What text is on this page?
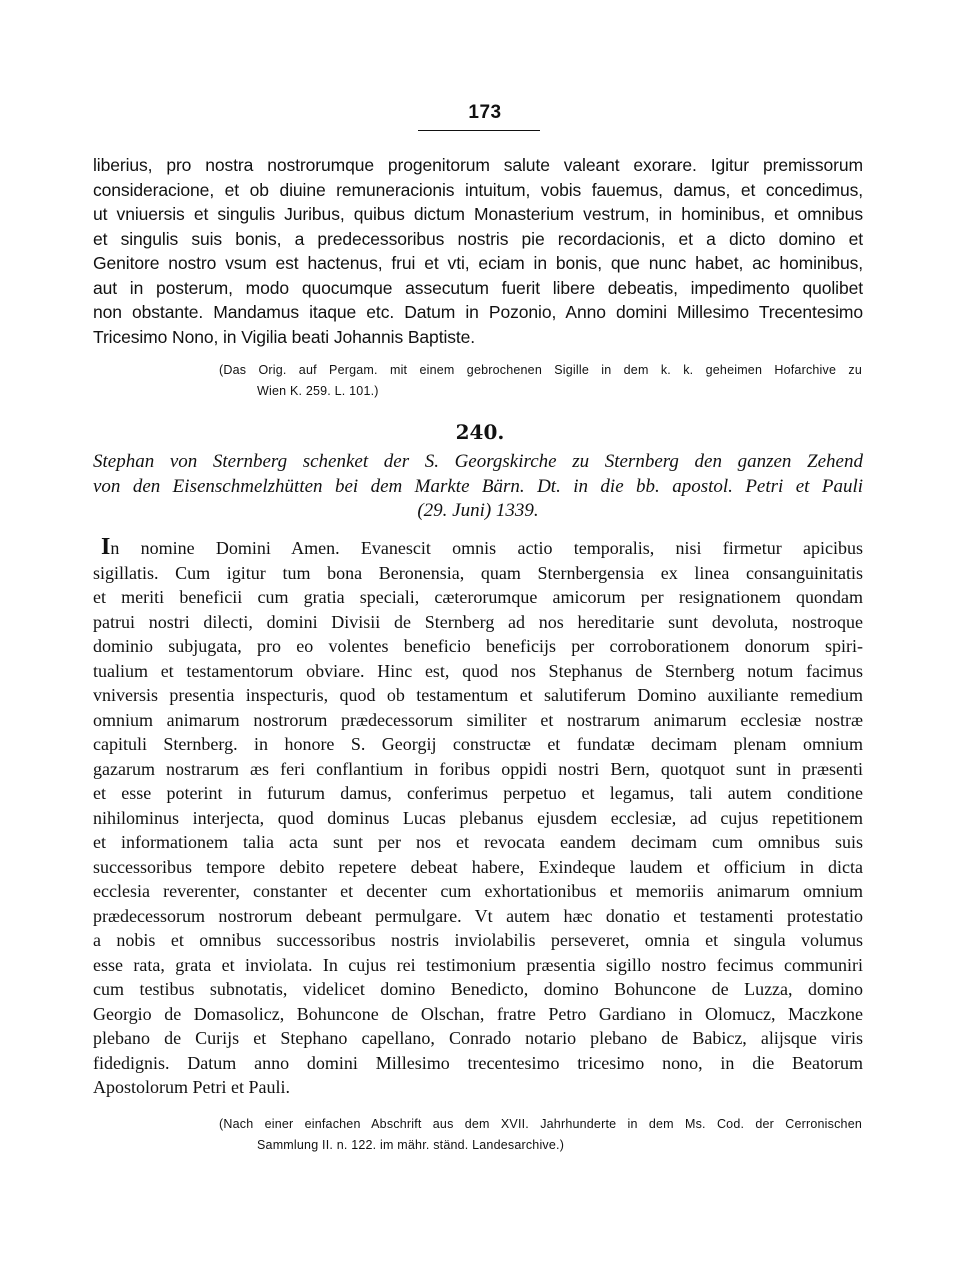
173
liberius, pro nostra nostrorumque progenitorum salute valeant exorare. Igitur premissorum
consideracione, et ob diuine remuneracionis intuitum, vobis fauemus, damus, et concedimus,
ut vniuersis et singulis Juribus, quibus dictum Monasterium vestrum, in hominibus, et omnibus
et singulis suis bonis, a predecessoribus nostris pie recordacionis, et a dicto domino et
Genitore nostro vsum est hactenus, frui et vti, eciam in bonis, que nunc habet, ac hominibus,
aut in posterum, modo quocumque assecutum fuerit libere debeatis, impedimento quolibet
non obstante. Mandamus itaque etc. Datum in Pozonio, Anno domini Millesimo Trecentesimo
Tricesimo Nono, in Vigilia beati Johannis Baptiste.
(Das Orig. auf Pergam. mit einem gebrochenen Sigille in dem k. k. geheimen Hofarchive zu
Wien K. 259. L. 101.)
240.
Stephan von Sternberg schenket der S. Georgskirche zu Sternberg den ganzen Zehend
von den Eisenschmelzhütten bei dem Markte Bärn. Dt. in die bb. apostol. Petri et Pauli
(29. Juni) 1339.
In nomine Domini Amen. Evanescit omnis actio temporalis, nisi firmetur apicibus
sigillatis. Cum igitur tum bona Beronensia, quam Sternbergensia ex linea consanguinitatis
et meriti beneficii cum gratia speciali, cæterorumque amicorum per resignationem quondam
patrui nostri dilecti, domini Divisii de Sternberg ad nos hereditarie sunt devoluta, nostroque
dominio subjugata, pro eo volentes beneficio beneficijs per corroborationem donorum spiri-
tualium et testamentorum obviare. Hinc est, quod nos Stephanus de Sternberg notum facimus
vniversis presentia inspecturis, quod ob testamentum et salutiferum Domino auxiliante remedium
omnium animarum nostrorum prædecessorum similiter et nostrarum animarum ecclesiæ nostræ
capituli Sternberg. in honore S. Georgij constructæ et fundatæ decimam plenam omnium
gazarum nostrarum æs feri conflantium in foribus oppidi nostri Bern, quotquot sunt in præsenti
et esse poterint in futurum damus, conferimus perpetuo et legamus, tali autem conditione
nihilominus interjecta, quod dominus Lucas plebanus ejusdem ecclesiæ, ad cujus repetitionem
et informationem talia acta sunt per nos et revocata eandem decimam cum omnibus suis
successoribus tempore debito repetere debeat habere, Exindeque laudem et officium in dicta
ecclesia reverenter, constanter et decenter cum exhortationibus et memoriis animarum omnium
prædecessorum nostrorum debeant permulgare. Vt autem hæc donatio et testamenti protestatio
a nobis et omnibus successoribus nostris inviolabilis perseveret, omnia et singula volumus
esse rata, grata et inviolata. In cujus rei testimonium præsentia sigillo nostro fecimus communiri
cum testibus subnotatis, videlicet domino Benedicto, domino Bohuncone de Luzza, domino
Georgio de Domasolicz, Bohuncone de Olschan, fratre Petro Gardiano in Olomucz, Maczkone
plebano de Curijs et Stephano capellano, Conrado notario plebano de Babicz, alijsque viris
fidedignis. Datum anno domini Millesimo trecentesimo tricesimo nono, in die Beatorum
Apostolorum Petri et Pauli.
(Nach einer einfachen Abschrift aus dem XVII. Jahrhunderte in dem Ms. Cod. der Cerronischen
Sammlung II. n. 122. im mähr. ständ. Landesarchive.)
